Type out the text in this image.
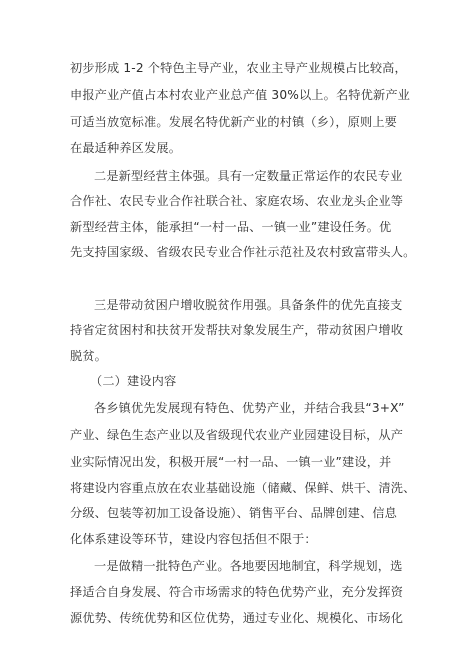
初步形成 1-2 个特色主导产业，农业主导产业规模占比较高，
申报产业产值占本村农业产业总产值 30%以上。名特优新产业
可适当放宽标准。发展名特优新产业的村镇（乡），原则上要
在最适种养区发展。
二是新型经营主体强。具有一定数量正常运作的农民专业
合作社、农民专业合作社联合社、家庭农场、农业龙头企业等
新型经营主体，能承担“一村一品、一镇一业”建设任务。优
先支持国家级、省级农民专业合作社示范社及农村致富带头人。
三是带动贫困户增收脱贫作用强。具备条件的优先直接支
持省定贫困村和扶贫开发帮扶对象发展生产，带动贫困户增收
脱贫。
（二）建设内容
各乡镇优先发展现有特色、优势产业，并结合我县“3+X”
产业、绿色生态产业以及省级现代农业产业园建设目标，从产
业实际情况出发，积极开展“一村一品、一镇一业”建设，并
将建设内容重点放在农业基础设施（储藏、保鲜、烘干、清洗、
分级、包装等初加工设备设施）、销售平台、品牌创建、信息
化体系建设等环节，建设内容包括但不限于：
一是做精一批特色产业。各地要因地制宜，科学规划，选
择适合自身发展、符合市场需求的特色优势产业，充分发挥资
源优势、传统优势和区位优势，通过专业化、规模化、市场化
